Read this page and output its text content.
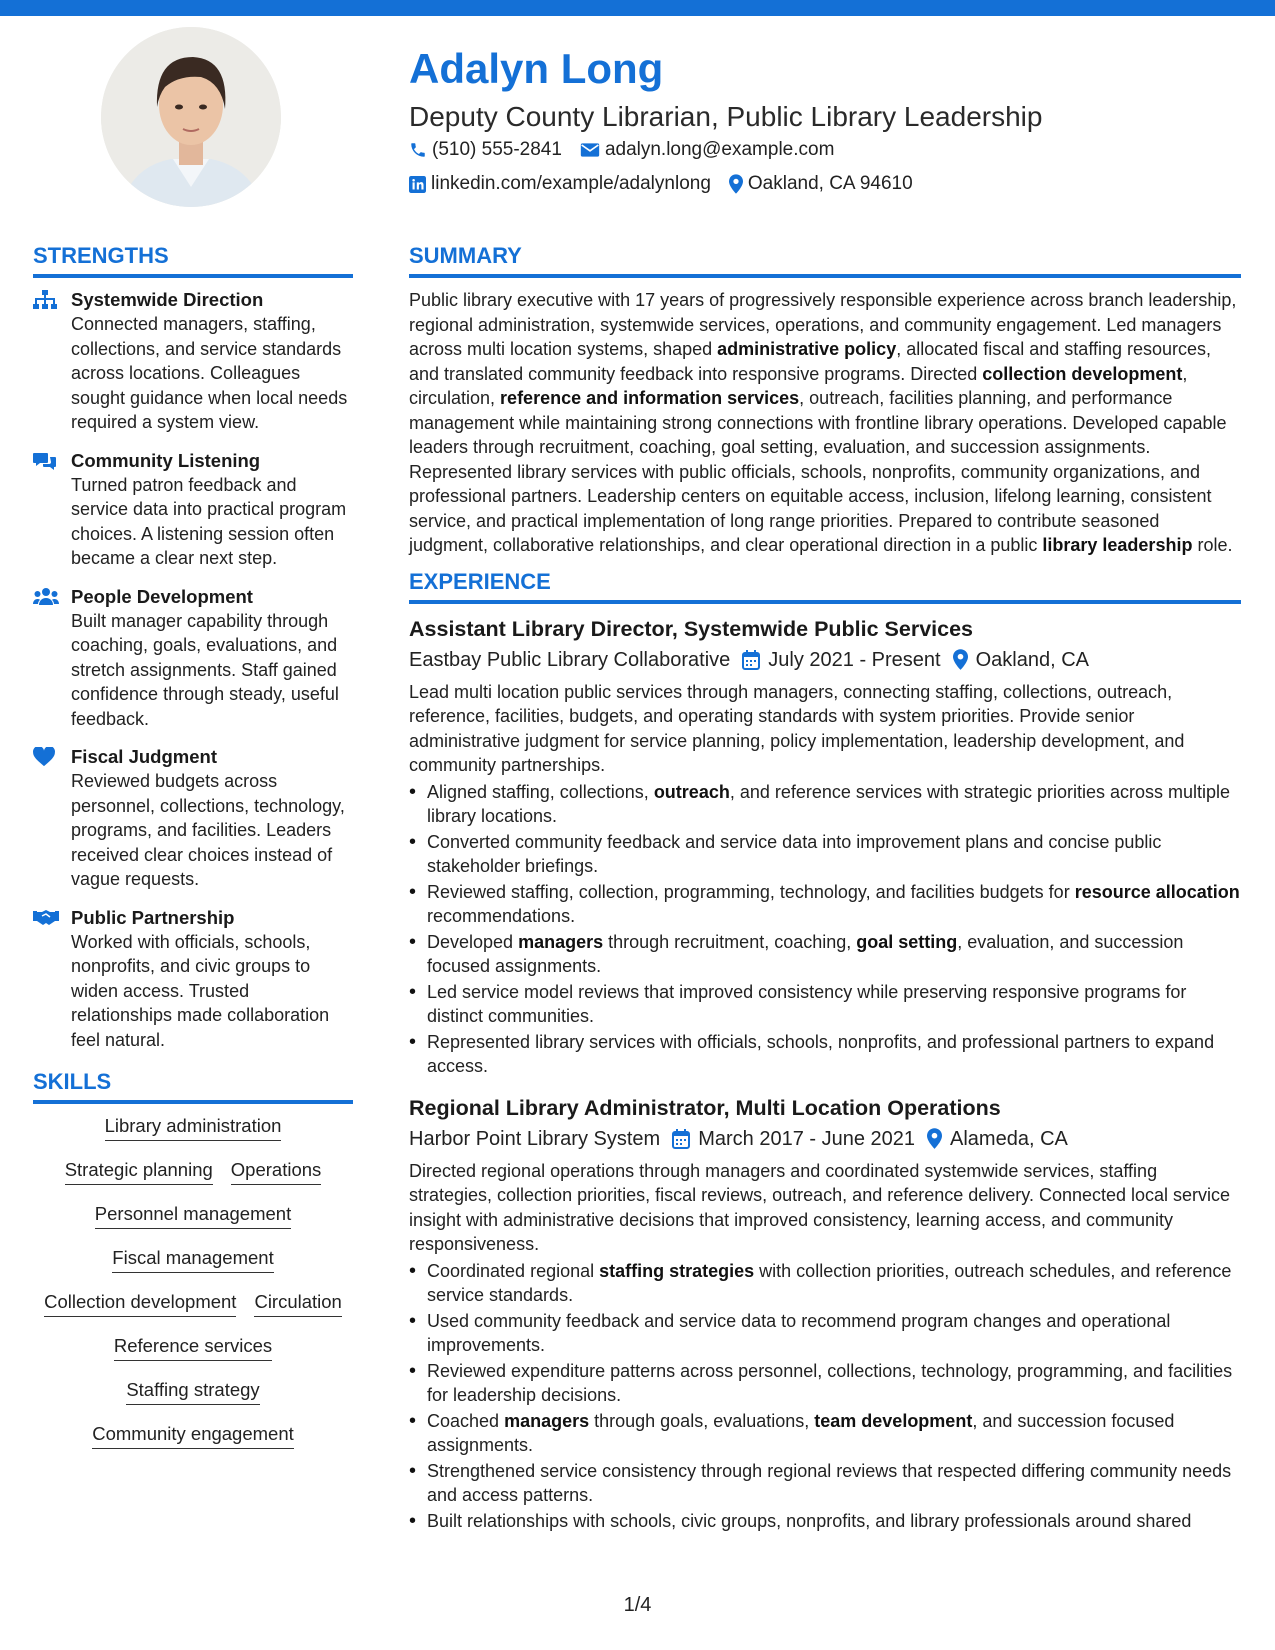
Adalyn Long
Deputy County Librarian, Public Library Leadership
(510) 555-2841 adalyn.long@example.com
linkedin.com/example/adalynlong Oakland, CA 94610
STRENGTHS
Systemwide Direction
Connected managers, staffing, collections, and service standards across locations. Colleagues sought guidance when local needs required a system view.
Community Listening
Turned patron feedback and service data into practical program choices. A listening session often became a clear next step.
People Development
Built manager capability through coaching, goals, evaluations, and stretch assignments. Staff gained confidence through steady, useful feedback.
Fiscal Judgment
Reviewed budgets across personnel, collections, technology, programs, and facilities. Leaders received clear choices instead of vague requests.
Public Partnership
Worked with officials, schools, nonprofits, and civic groups to widen access. Trusted relationships made collaboration feel natural.
SKILLS
Library administration
Strategic planning Operations
Personnel management
Fiscal management
Collection development Circulation
Reference services
Staffing strategy
Community engagement
SUMMARY

Public library executive with 17 years of progressively responsible experience across branch leadership, regional administration, systemwide services, operations, and community engagement. Led managers across multi location systems, shaped administrative policy, allocated fiscal and staffing resources, and translated community feedback into responsive programs. Directed collection development, circulation, reference and information services, outreach, facilities planning, and performance management while maintaining strong connections with frontline library operations. Developed capable leaders through recruitment, coaching, goal setting, evaluation, and succession assignments. Represented library services with public officials, schools, nonprofits, community organizations, and professional partners. Leadership centers on equitable access, inclusion, lifelong learning, consistent service, and practical implementation of long range priorities. Prepared to contribute seasoned judgment, collaborative relationships, and clear operational direction in a public library leadership role.

EXPERIENCE
Assistant Library Director, Systemwide Public Services
Eastbay Public Library Collaborative July 2021 - Present Oakland, CA

Lead multi location public services through managers, connecting staffing, collections, outreach, reference, facilities, budgets, and operating standards with system priorities. Provide senior administrative judgment for service planning, policy implementation, leadership development, and community partnerships.

• Aligned staffing, collections, outreach, and reference services with strategic priorities across multiple library locations.
• Converted community feedback and service data into improvement plans and concise public stakeholder briefings.
• Reviewed staffing, collection, programming, technology, and facilities budgets for resource allocation recommendations.
• Developed managers through recruitment, coaching, goal setting, evaluation, and succession focused assignments.
• Led service model reviews that improved consistency while preserving responsive programs for distinct communities.
• Represented library services with officials, schools, nonprofits, and professional partners to expand access.
Regional Library Administrator, Multi Location Operations
Harbor Point Library System March 2017 - June 2021 Alameda, CA

Directed regional operations through managers and coordinated systemwide services, staffing strategies, collection priorities, fiscal reviews, outreach, and reference delivery. Connected local service insight with administrative decisions that improved consistency, learning access, and community responsiveness.

• Coordinated regional staffing strategies with collection priorities, outreach schedules, and reference service standards.
• Used community feedback and service data to recommend program changes and operational improvements.
• Reviewed expenditure patterns across personnel, collections, technology, programming, and facilities for leadership decisions.
• Coached managers through goals, evaluations, team development, and succession focused assignments.
• Strengthened service consistency through regional reviews that respected differing community needs and access patterns.
• Built relationships with schools, civic groups, nonprofits, and library professionals around shared
1/4
